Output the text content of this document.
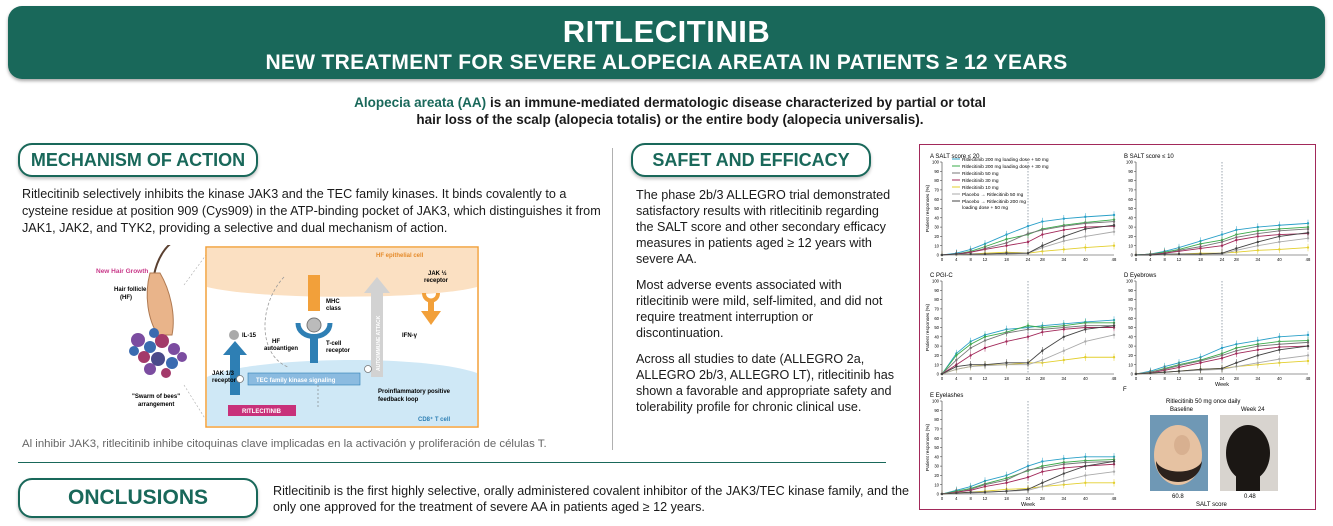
RITLECITINIB
NEW TREATMENT FOR SEVERE ALOPECIA AREATA IN PATIENTS ≥ 12 YEARS
Alopecia areata (AA) is an immune-mediated dermatologic disease characterized by partial or total
hair loss of the scalp (alopecia totalis) or the entire body (alopecia universalis).
MECHANISM OF ACTION
Ritlecitinib selectively inhibits the kinase JAK3 and the TEC family kinases. It binds covalently to a cysteine residue at position 909 (Cys909) in the ATP-binding pocket of JAK3, which distinguishes it from JAK1, JAK2, and TYK2, providing a selective and dual mechanism of action.
New Hair Growth
Hair follicle
(HF)
"Swarm of bees"
arrangement
HF epithelial cell
CD8⁺ T cell
MHC
class
HF
autoantigen
T-cell
receptor	AUTOIMMUNE ATTACK
JAK ½
receptor
IFN-γ
IL-15
JAK 1/3
receptor	TEC family kinase signaling
RITLECITINIB
Proinflammatory positive
feedback loop
Al inhibir JAK3, ritlecitinib inhibe citoquinas clave implicadas en la activación y proliferación de células T.
SAFET AND EFFICACY

The phase 2b/3 ALLEGRO trial demonstrated satisfactory results with ritlecitinib regarding the SALT score and other secondary efficacy measures in patients aged ≥ 12 years with severe AA.

Most adverse events associated with ritlecitinib were mild, self-limited, and did not require treatment interruption or discontinuation.

Across all studies to date (ALLEGRO 2a, ALLEGRO 2b/3, ALLEGRO LT), ritlecitinib has shown a favorable and appropriate safety and tolerability profile for chronic clinical use.

ONCLUSIONS	Ritlecitinib is the first highly selective, orally administered covalent inhibitor of the JAK3/TEC kinase family, and the only one approved for the treatment of severe AA in patients aged ≥ 12 years.
F
Ritlecitinib 50 mg once daily
Baseline	Week 24
60.8	0.48
SALT score
Ritlecitinib 200 mg loading dose + 50 mg
Ritlecitinib 200 mg loading dose + 30 mg
Ritlecitinib 50 mg
Ritlecitinib 30 mg
Ritlecitinib 10 mg
Placebo → Ritlecitinib 50 mg
Placebo → Ritlecitinib 200 mg
loading dose + 50 mg
A SALT score ≤ 20
0
10
20
30
40
50
60
70
80
90
100
0	4	8	12	18	24 28	34	40	48
Patient responses (%)
B SALT score ≤ 10
0
10
20
30
40
50
60
70
80
90
100
0	4	8	12	18	24 28	34	40	48
C PGI-C
0
10
20
30
40
50
60
70
80
90
100
0	4	8	12	18	24 28	34	40	48
Patient responses (%)
D Eyebrows
0
10
20
30
40
50
60
70
80
90
100
0	4	8	12	18	24 28	34	40	48
Week
E Eyelashes
0
10
20
30
40
50
60
70
80
90
100
0	4	8	12	18	24 28	34	40	48
Patient responses (%)
Week
